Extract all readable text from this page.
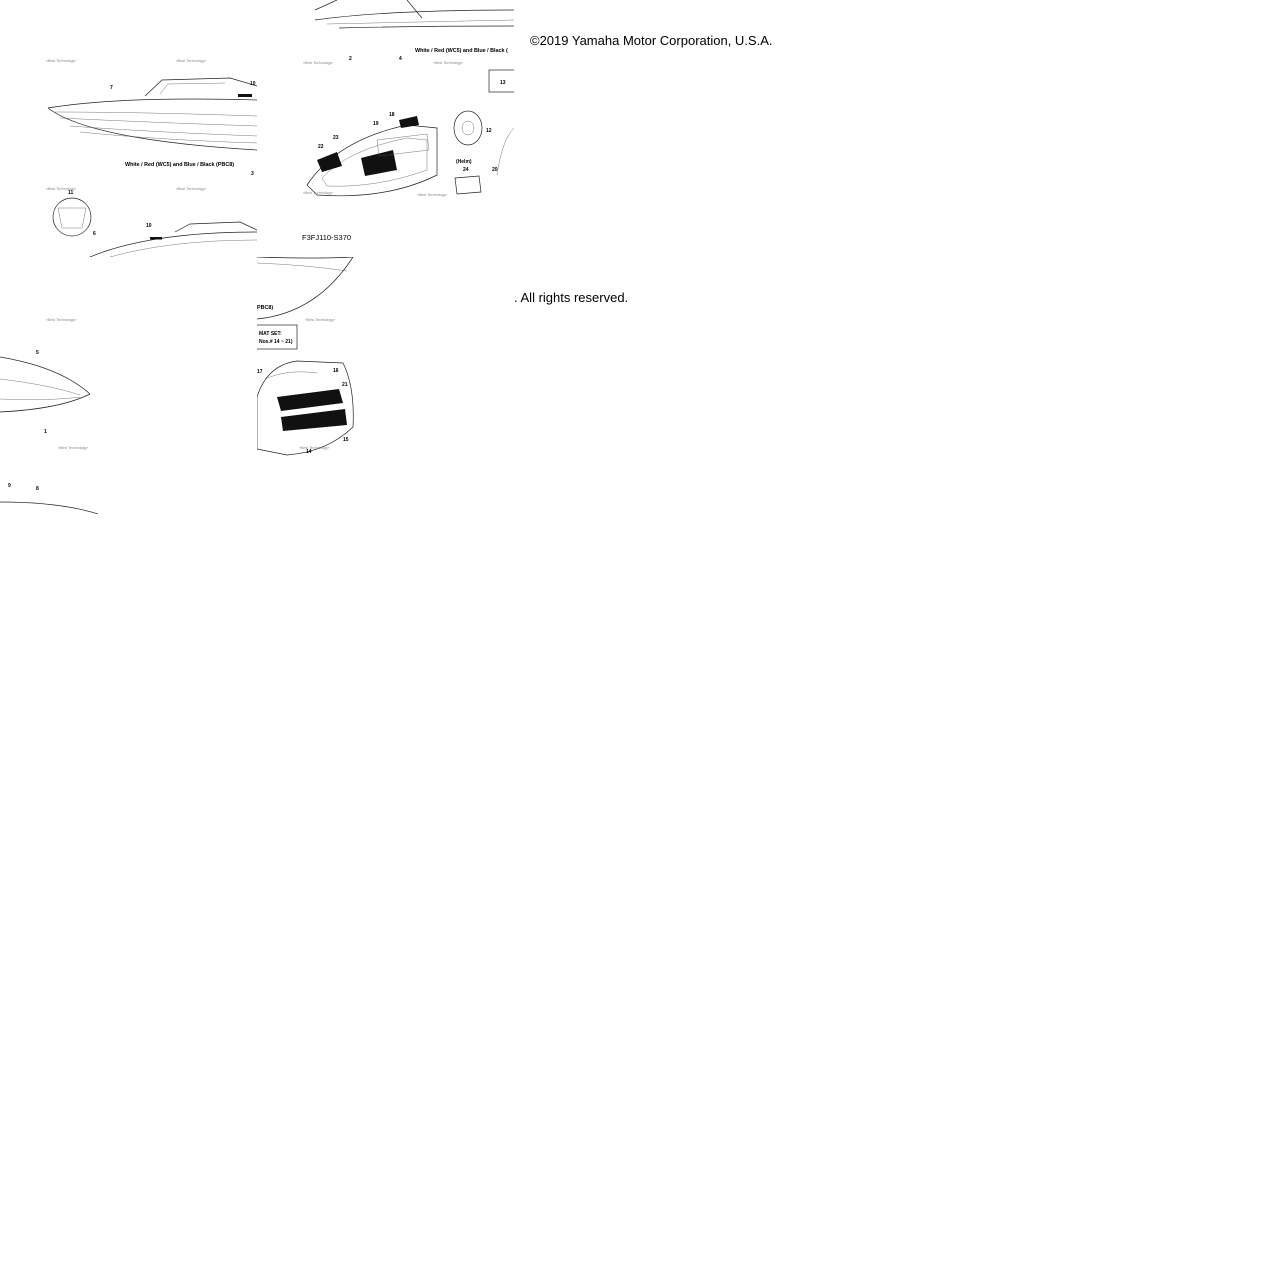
©2019 Yamaha Motor Corporation, U.S.A.
. All rights reserved.
«Best Technology»	«Best Technology»
7
10
3
White / Red (WC5) and Blue / Black (PBC8)
«Best Technology»	«Best Technology»
11
6
10
2	4
White / Red (WC5) and Blue / Black (
«Best Technology»	«Best Technology»
13
18
19
23
22
12
20
(Helm)
24
«Best Technology»	«Best Technology»
F3FJ110-S370
«Best Technology»
5
1
«Best Technology»
9	8
PBC8)
«Best Technology»
MAT SET:
Nos.# 14 ~ 21)
17	16
21
15
14
«Best Technology»
